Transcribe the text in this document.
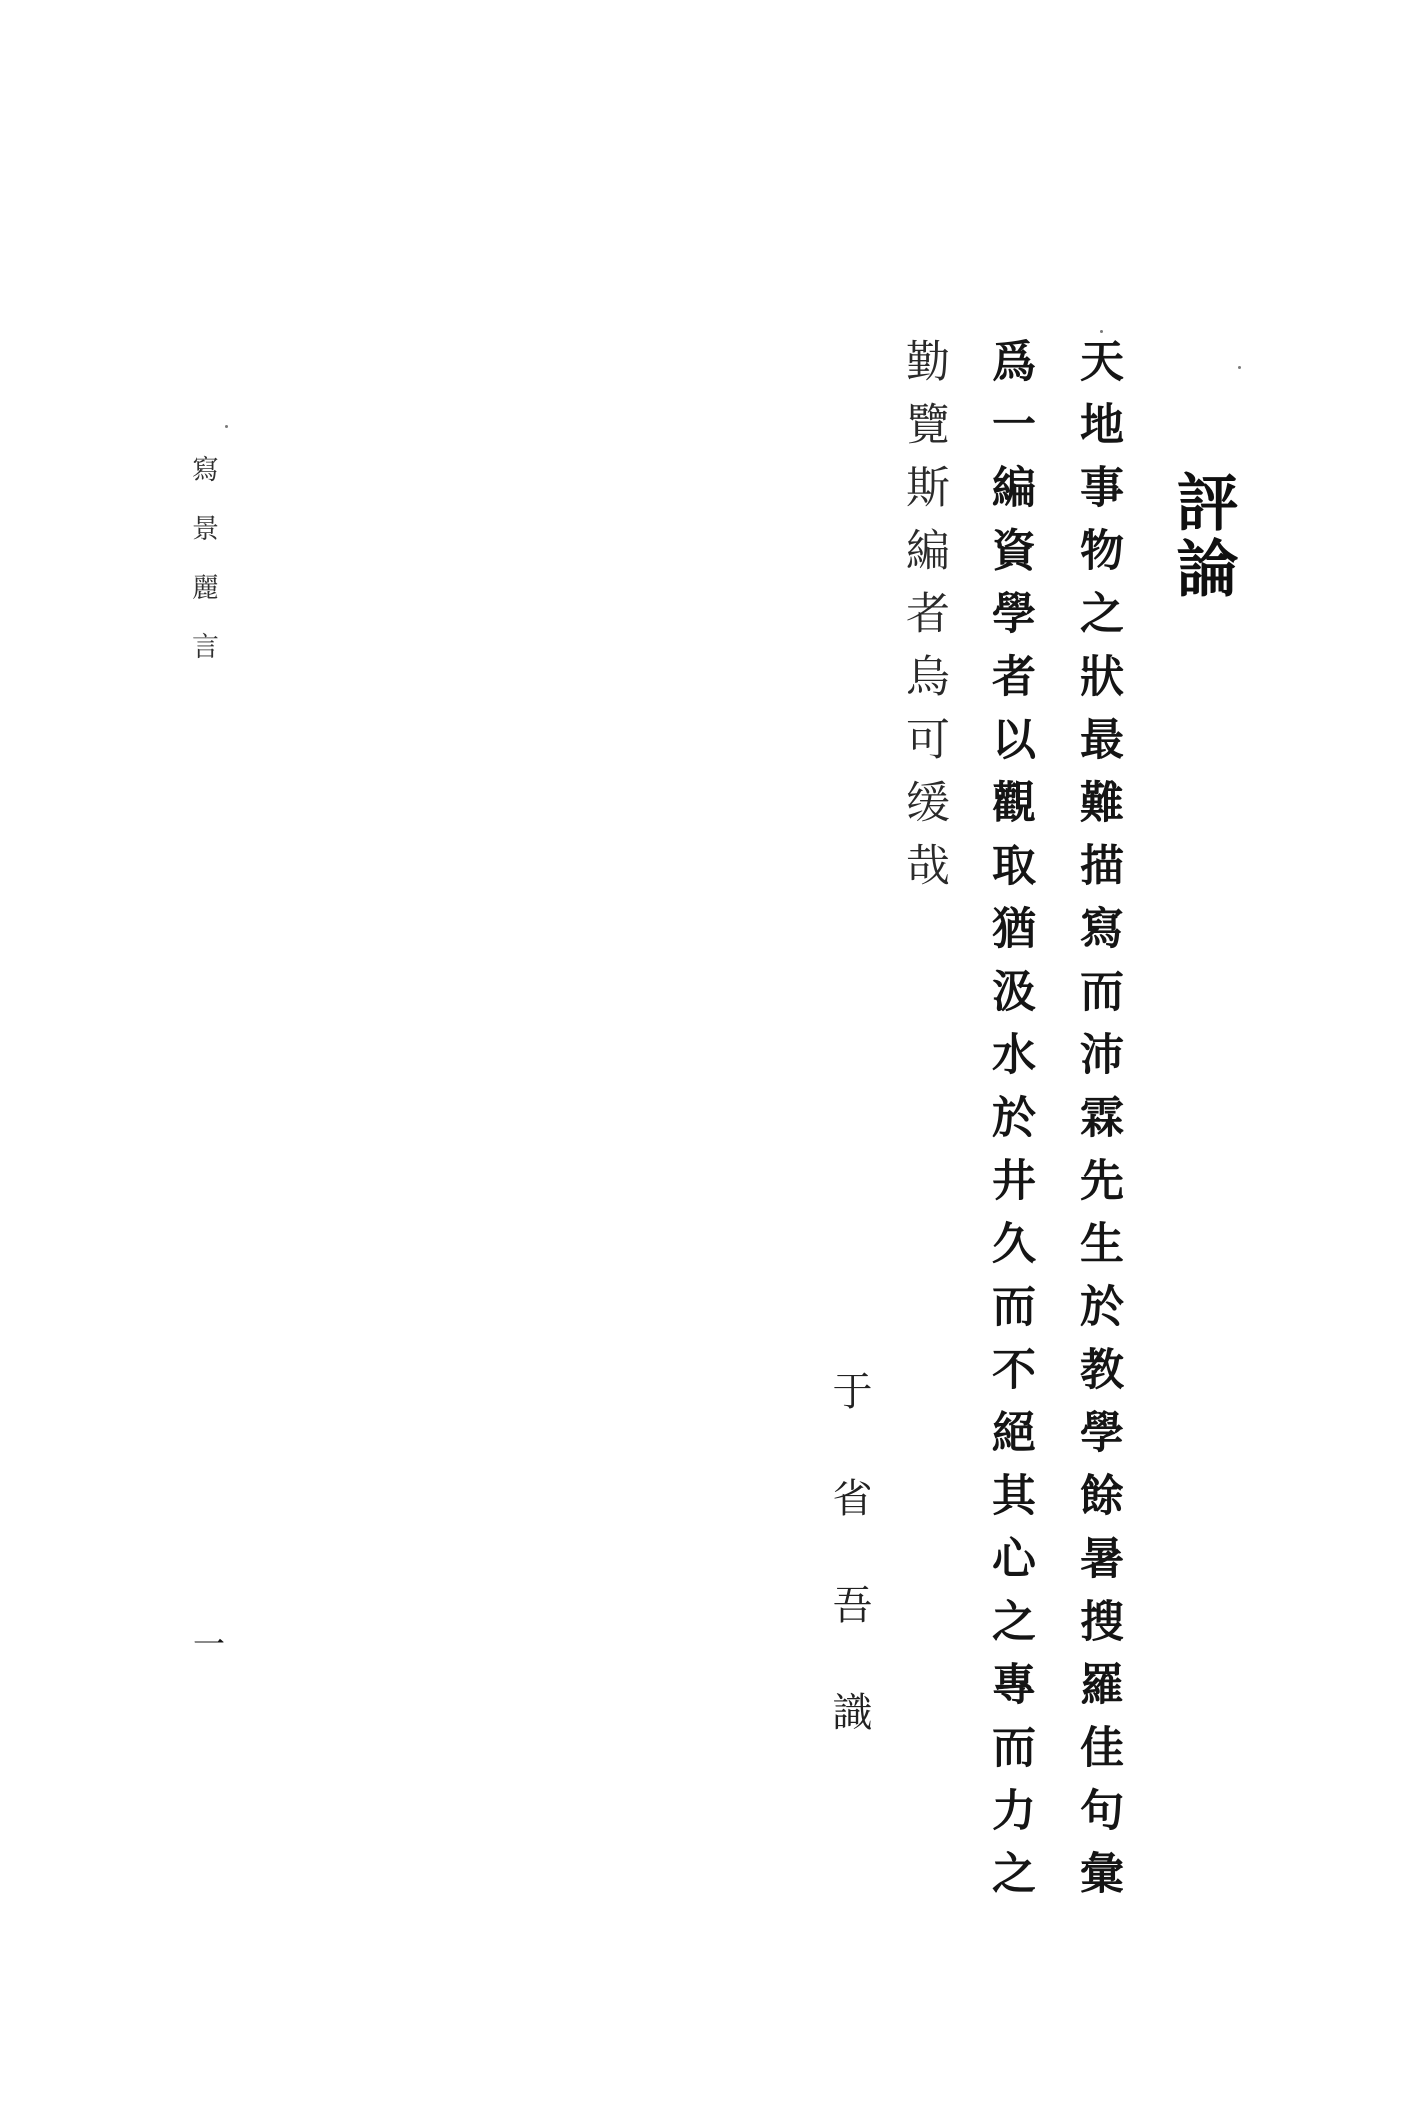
評論

天地事物之狀最難描寫而沛霖先生於教學餘暑搜羅佳句彙

爲一編資學者以觀取猶汲水於井久而不絕其心之專而力之

勤覽斯編者烏可缓哉

于省吾識

寫景麗言

一
